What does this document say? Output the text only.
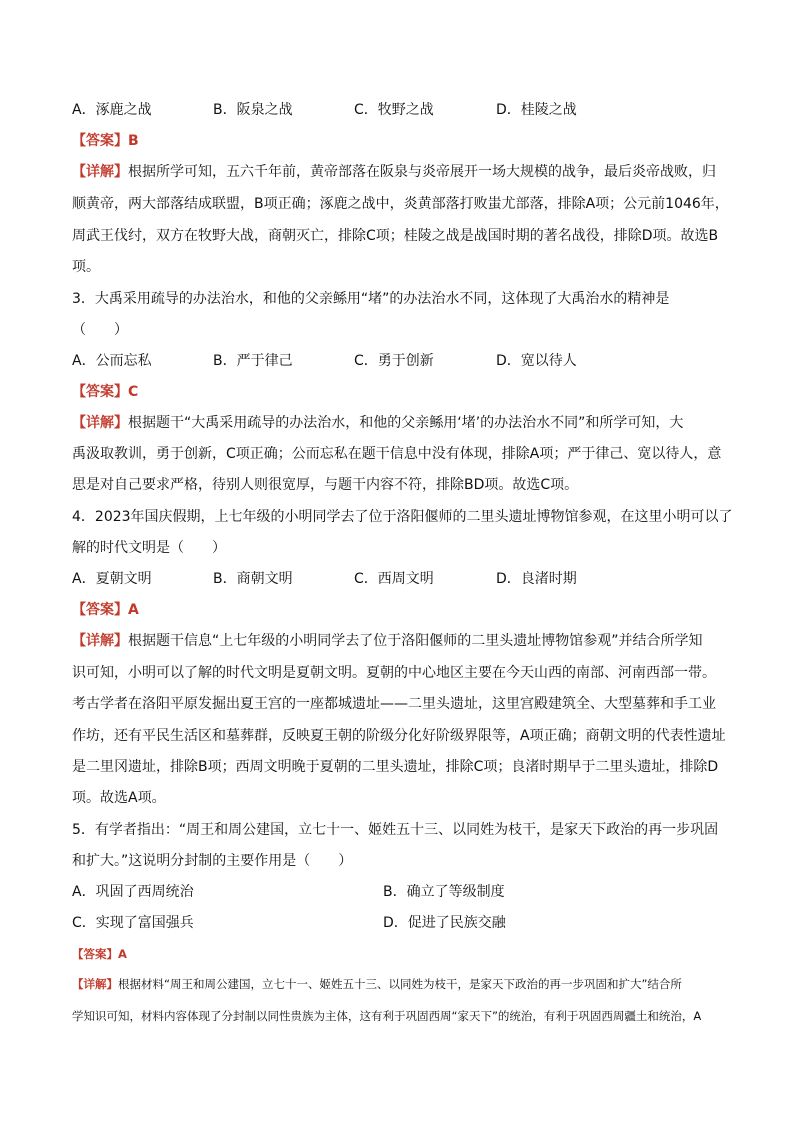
A．涿鹿之战	B．阪泉之战	C．牧野之战	D．桂陵之战
【答案】B
【详解】根据所学可知，五六千年前，黄帝部落在阪泉与炎帝展开一场大规模的战争，最后炎帝战败，归
顺黄帝，两大部落结成联盟，B项正确；涿鹿之战中，炎黄部落打败蚩尤部落，排除A项；公元前1046年，
周武王伐纣，双方在牧野大战，商朝灭亡，排除C项；桂陵之战是战国时期的著名战役，排除D项。故选B
项。
3．大禹采用疏导的办法治水，和他的父亲鲧用“堵”的办法治水不同，这体现了大禹治水的精神是
（　　）
A．公而忘私	B．严于律己	C．勇于创新	D．宽以待人
【答案】C
【详解】根据题干“大禹采用疏导的办法治水，和他的父亲鲧用‘堵’的办法治水不同”和所学可知，大
禹汲取教训，勇于创新，C项正确；公而忘私在题干信息中没有体现，排除A项；严于律己、宽以待人，意
思是对自己要求严格，待别人则很宽厚，与题干内容不符，排除BD项。故选C项。
4．2023年国庆假期，上七年级的小明同学去了位于洛阳偃师的二里头遗址博物馆参观，在这里小明可以了
解的时代文明是（　　）
A．夏朝文明	B．商朝文明	C．西周文明	D．良渚时期
【答案】A
【详解】根据题干信息“上七年级的小明同学去了位于洛阳偃师的二里头遗址博物馆参观”并结合所学知
识可知，小明可以了解的时代文明是夏朝文明。夏朝的中心地区主要在今天山西的南部、河南西部一带。
考古学者在洛阳平原发掘出夏王宫的一座都城遗址——二里头遗址，这里宫殿建筑全、大型墓葬和手工业
作坊，还有平民生活区和墓葬群，反映夏王朝的阶级分化好阶级界限等，A项正确；商朝文明的代表性遗址
是二里冈遗址，排除B项；西周文明晚于夏朝的二里头遗址，排除C项；良渚时期早于二里头遗址，排除D
项。故选A项。
5．有学者指出：“周王和周公建国，立七十一、姬姓五十三、以同姓为枝干，是家天下政治的再一步巩固
和扩大。”这说明分封制的主要作用是（　　）
A．巩固了西周统治	B．确立了等级制度
C．实现了富国强兵	D．促进了民族交融
【答案】A
【详解】根据材料“周王和周公建国，立七十一、姬姓五十三、以同姓为枝干，是家天下政治的再一步巩固和扩大”结合所
学知识可知，材料内容体现了分封制以同性贵族为主体，这有利于巩固西周“家天下”的统治，有利于巩固西周疆土和统治，A
